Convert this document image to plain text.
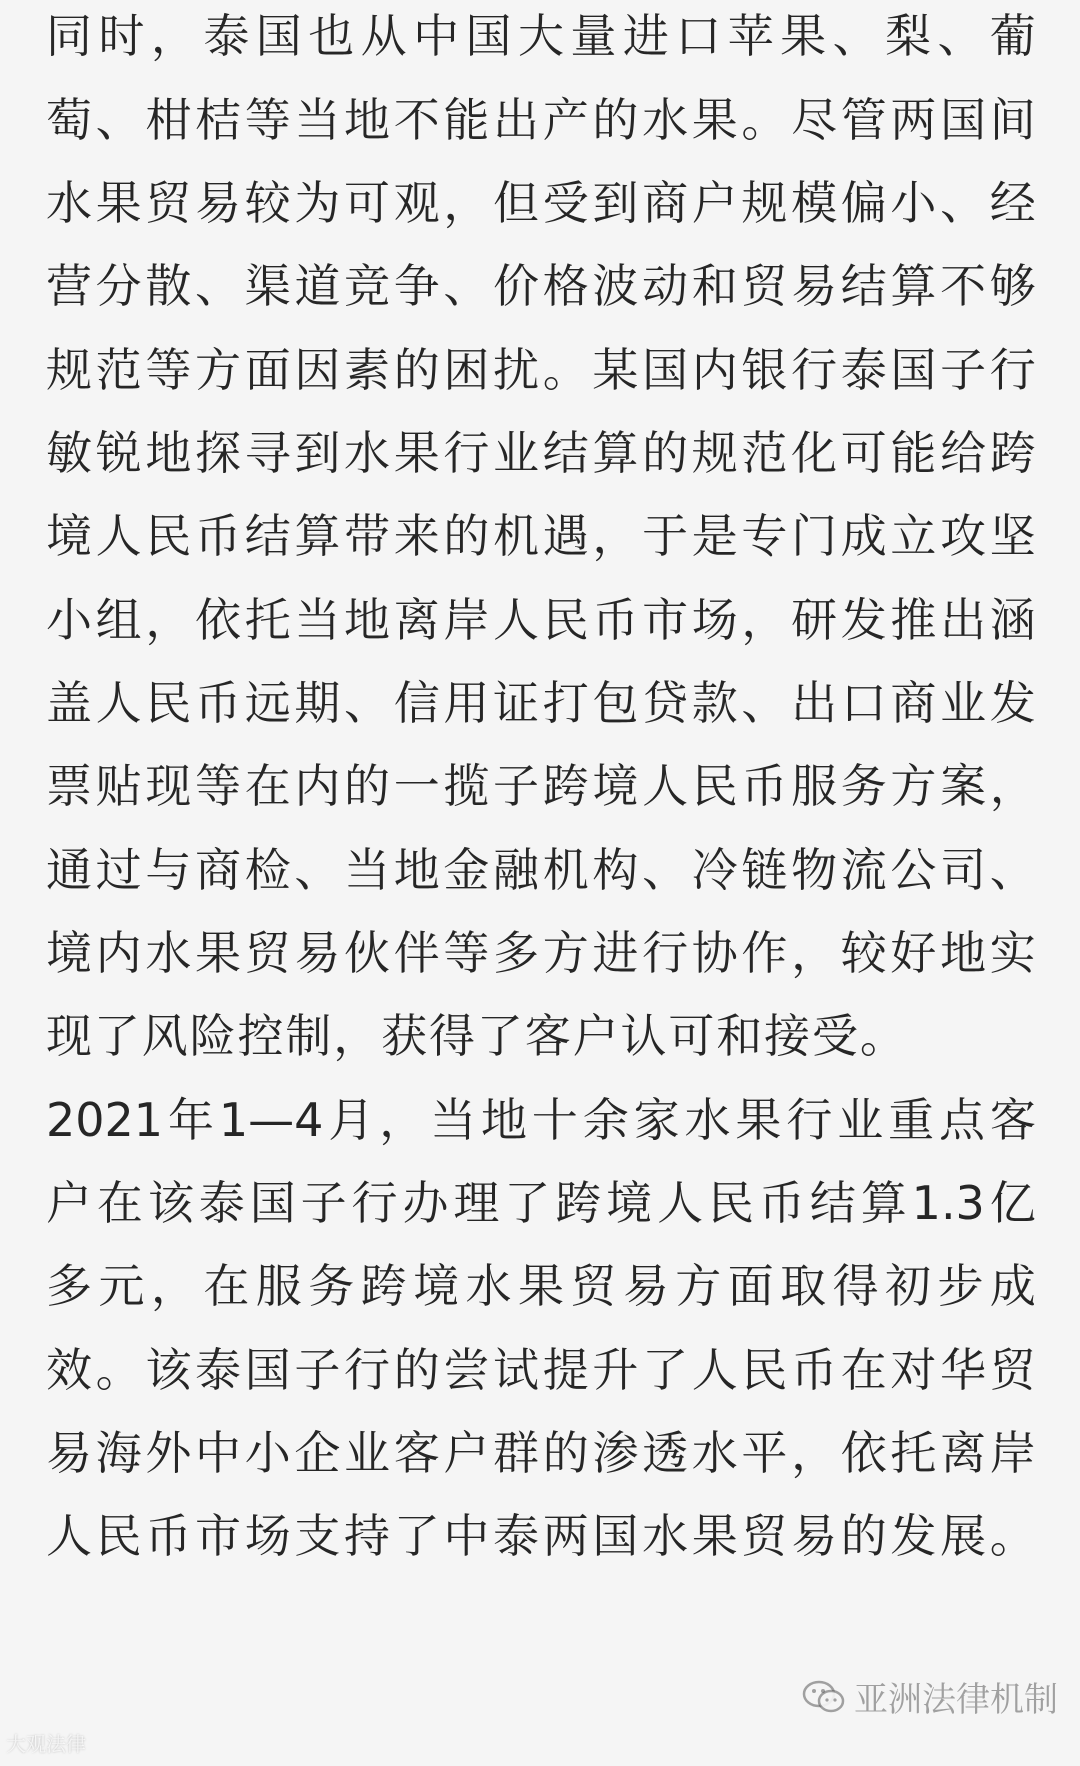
同 时 ， 泰 国 也 从 中 国 大 量 进 口 苹 果 、 梨 、 葡
萄 、 柑 桔 等 当 地 不 能 出 产 的 水 果 。 尽 管 两 国 间
水 果 贸 易 较 为 可 观 ， 但 受 到 商 户 规 模 偏 小 、 经
营 分 散 、 渠 道 竞 争 、 价 格 波 动 和 贸 易 结 算 不 够
规 范 等 方 面 因 素 的 困 扰 。 某 国 内 银 行 泰 国 子 行
敏 锐 地 探 寻 到 水 果 行 业 结 算 的 规 范 化 可 能 给 跨
境 人 民 币 结 算 带 来 的 机 遇 ， 于 是 专 门 成 立 攻 坚
小 组 ， 依 托 当 地 离 岸 人 民 币 市 场 ， 研 发 推 出 涵
盖 人 民 币 远 期 、 信 用 证 打 包 贷 款 、 出 口 商 业 发
票 贴 现 等 在 内 的 一 揽 子 跨 境 人 民 币 服 务 方 案 ，
通 过 与 商 检 、 当 地 金 融 机 构 、 冷 链 物 流 公 司 、
境 内 水 果 贸 易 伙 伴 等 多 方 进 行 协 作 ， 较 好 地 实
现 了 风 险 控 制 ， 获 得 了 客 户 认 可 和 接 受 。
2021 年 1—4 月 ， 当 地 十 余 家 水 果 行 业 重 点 客
户 在 该 泰 国 子 行 办 理 了 跨 境 人 民 币 结 算 1.3 亿
多 元 ， 在 服 务 跨 境 水 果 贸 易 方 面 取 得 初 步 成
效 。 该 泰 国 子 行 的 尝 试 提 升 了 人 民 币 在 对 华 贸
易 海 外 中 小 企 业 客 户 群 的 渗 透 水 平 ， 依 托 离 岸
人 民 币 市 场 支 持 了 中 泰 两 国 水 果 贸 易 的 发 展 。
亚洲法律机制
大观法律
